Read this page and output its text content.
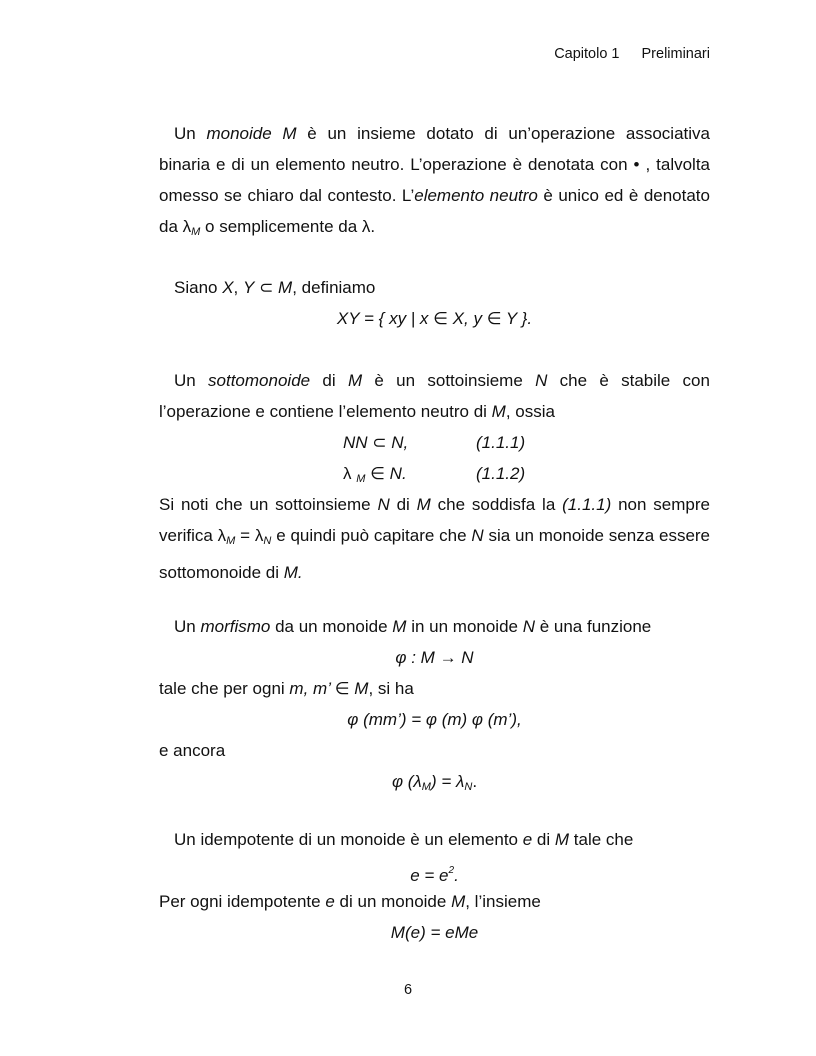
Capitolo 1 Preliminari

Un monoide M è un insieme dotato di un’operazione associativa binaria e di un elemento neutro. L’operazione è denotata con • , talvolta omesso se chiaro dal contesto. L’elemento neutro è unico ed è denotato da $\lambda_M$ o semplicemente da λ.

Siano X, Y ⊂ M, definiamo

XY = { xy | x ∈ X, y ∈ Y }.

Un sottomonoide di M è un sottoinsieme N che è stabile con l’operazione e contiene l’elemento neutro di M, ossia

NN ⊂ N,	(1.1.1)
λ $_M$ ∈ N.	(1.1.2)

Si noti che un sottoinsieme N di M che soddisfa la (1.1.1) non sempre verifica $\lambda_M = \lambda_N$ e quindi può capitare che N sia un monoide senza essere sottomonoide di M.

Un morfismo da un monoide M in un monoide N è una funzione

φ : M → N

tale che per ogni m, m’ ∈ M, si ha

φ (mm’) = φ (m) φ (m’),

e ancora

φ $(\lambda_M) = \lambda_N$.

Un idempotente di un monoide è un elemento e di M tale che

$e = e^2$.

Per ogni idempotente e di un monoide M, l’insieme

M(e) = eMe
6
